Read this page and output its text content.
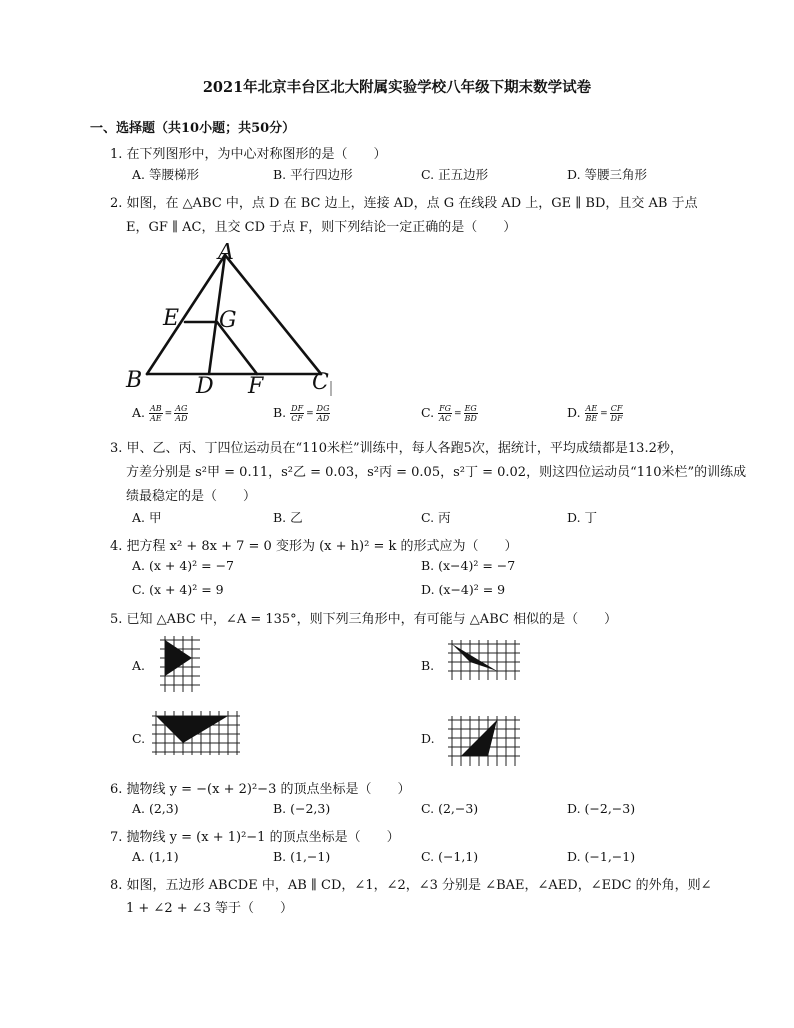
2021年北京丰台区北大附属实验学校八年级下期末数学试卷
一、选择题（共10小题；共50分）
1. 在下列图形中，为中心对称图形的是（　　）
A. 等腰梯形	B. 平行四边形	C. 正五边形	D. 等腰三角形
2. 如图，在 △ABC 中，点 D 在 BC 边上，连接 AD，点 G 在线段 AD 上，GE ∥ BD，且交 AB 于点
E，GF ∥ AC，且交 CD 于点 F，则下列结论一定正确的是（　　）
A
E G
B D F C
A. $\frac{AB}{AE} = \frac{AG}{AD}$	B. $\frac{DF}{CF} = \frac{DG}{AD}$	C. $\frac{FG}{AC} = \frac{EG}{BD}$	D. $\frac{AE}{BE} = \frac{CF}{DF}$
3. 甲、乙、丙、丁四位运动员在“110米栏”训练中，每人各跑5次，据统计，平均成绩都是13.2秒，
方差分别是 s²甲 = 0.11，s²乙 = 0.03，s²丙 = 0.05，s²丁 = 0.02，则这四位运动员“110米栏”的训练成
绩最稳定的是（　　）
A. 甲	B. 乙	C. 丙	D. 丁
4. 把方程 x² + 8x + 7 = 0 变形为 (x + h)² = k 的形式应为（　　）
A. (x + 4)² = −7	B. (x−4)² = −7
C. (x + 4)² = 9	D. (x−4)² = 9
5. 已知 △ABC 中，∠A = 135°，则下列三角形中，有可能与 △ABC 相似的是（　　）
A.	B.
C.	D.
6. 抛物线 y = −(x + 2)²−3 的顶点坐标是（　　）
A. (2,3)	B. (−2,3)	C. (2,−3)	D. (−2,−3)
7. 抛物线 y = (x + 1)²−1 的顶点坐标是（　　）
A. (1,1)	B. (1,−1)	C. (−1,1)	D. (−1,−1)
8. 如图，五边形 ABCDE 中，AB ∥ CD，∠1，∠2，∠3 分别是 ∠BAE，∠AED，∠EDC 的外角，则∠
1 + ∠2 + ∠3 等于（　　）
